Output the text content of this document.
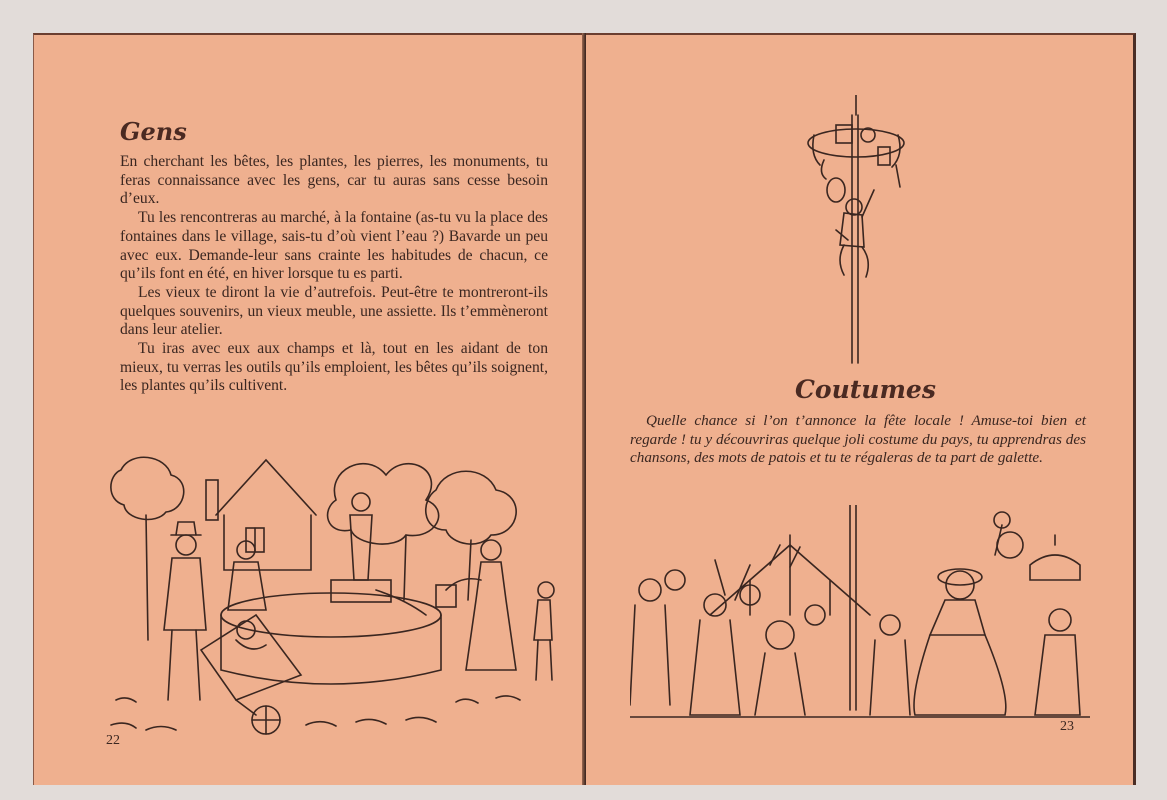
Gens

En cherchant les bêtes, les plantes, les pierres, les monuments, tu feras connaissance avec les gens, car tu auras sans cesse besoin d’eux.

Tu les rencontreras au marché, à la fontaine (as-tu vu la place des fontaines dans le village, sais-tu d’où vient l’eau ?) Bavarde un peu avec eux. Demande-leur sans crainte les habitudes de chacun, ce qu’ils font en été, en hiver lorsque tu es parti.

Les vieux te diront la vie d’autrefois. Peut-être te montreront-ils quelques souvenirs, un vieux meuble, une assiette. Ils t’emmèneront dans leur atelier.

Tu iras avec eux aux champs et là, tout en les aidant de ton mieux, tu verras les outils qu’ils emploient, les bêtes qu’ils soignent, les plantes qu’ils cultivent.

22
Coutumes

Quelle chance si l’on t’annonce la fête locale ! Amuse-toi bien et regarde ! tu y découvriras quelque joli costume du pays, tu apprendras des chansons, des mots de patois et tu te régaleras de ta part de galette.

23
